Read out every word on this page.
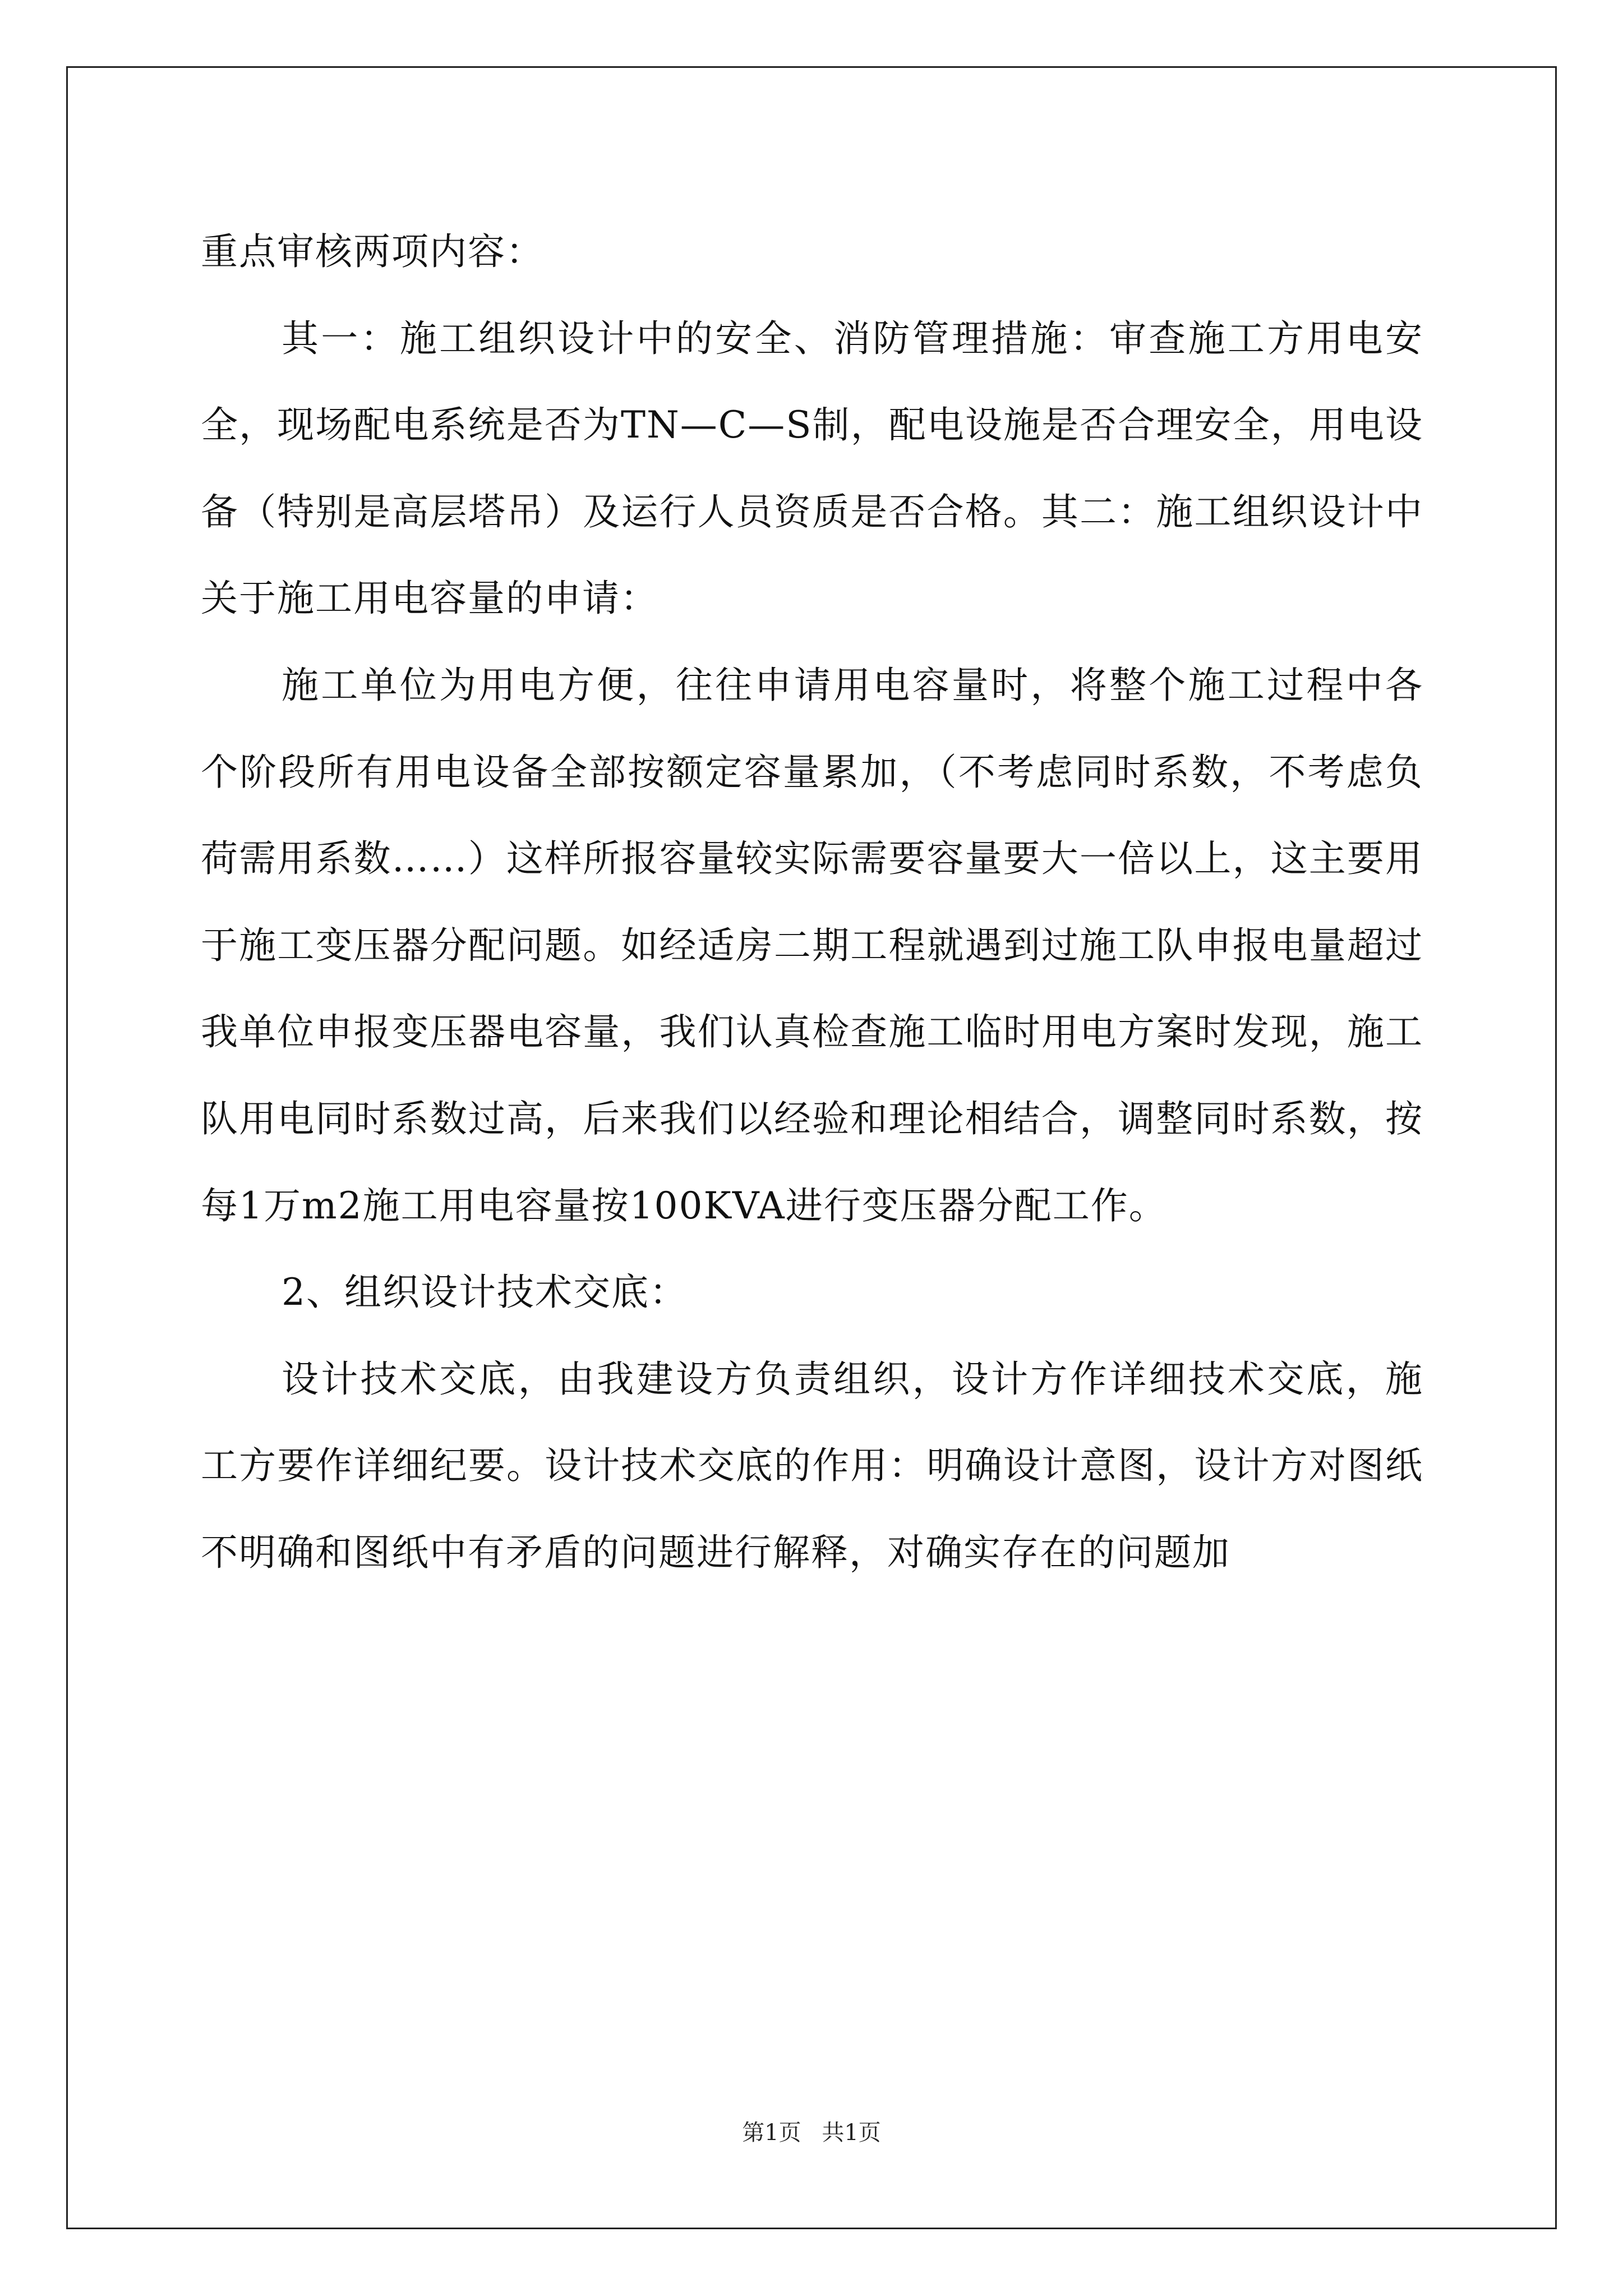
重点审核两项内容：

其一：施工组织设计中的安全、消防管理措施：审查施工方用电安全，现场配电系统是否为TN—C—S制，配电设施是否合理安全，用电设备（特别是高层塔吊）及运行人员资质是否合格。其二：施工组织设计中关于施工用电容量的申请：

施工单位为用电方便，往往申请用电容量时，将整个施工过程中各个阶段所有用电设备全部按额定容量累加，（不考虑同时系数，不考虑负荷需用系数……）这样所报容量较实际需要容量要大一倍以上，这主要用于施工变压器分配问题。如经适房二期工程就遇到过施工队申报电量超过我单位申报变压器电容量，我们认真检查施工临时用电方案时发现，施工队用电同时系数过高，后来我们以经验和理论相结合，调整同时系数，按每1万m2施工用电容量按100KVA进行变压器分配工作。

2、组织设计技术交底：

设计技术交底，由我建设方负责组织，设计方作详细技术交底，施工方要作详细纪要。设计技术交底的作用：明确设计意图，设计方对图纸不明确和图纸中有矛盾的问题进行解释，对确实存在的问题加

第1页 共1页
